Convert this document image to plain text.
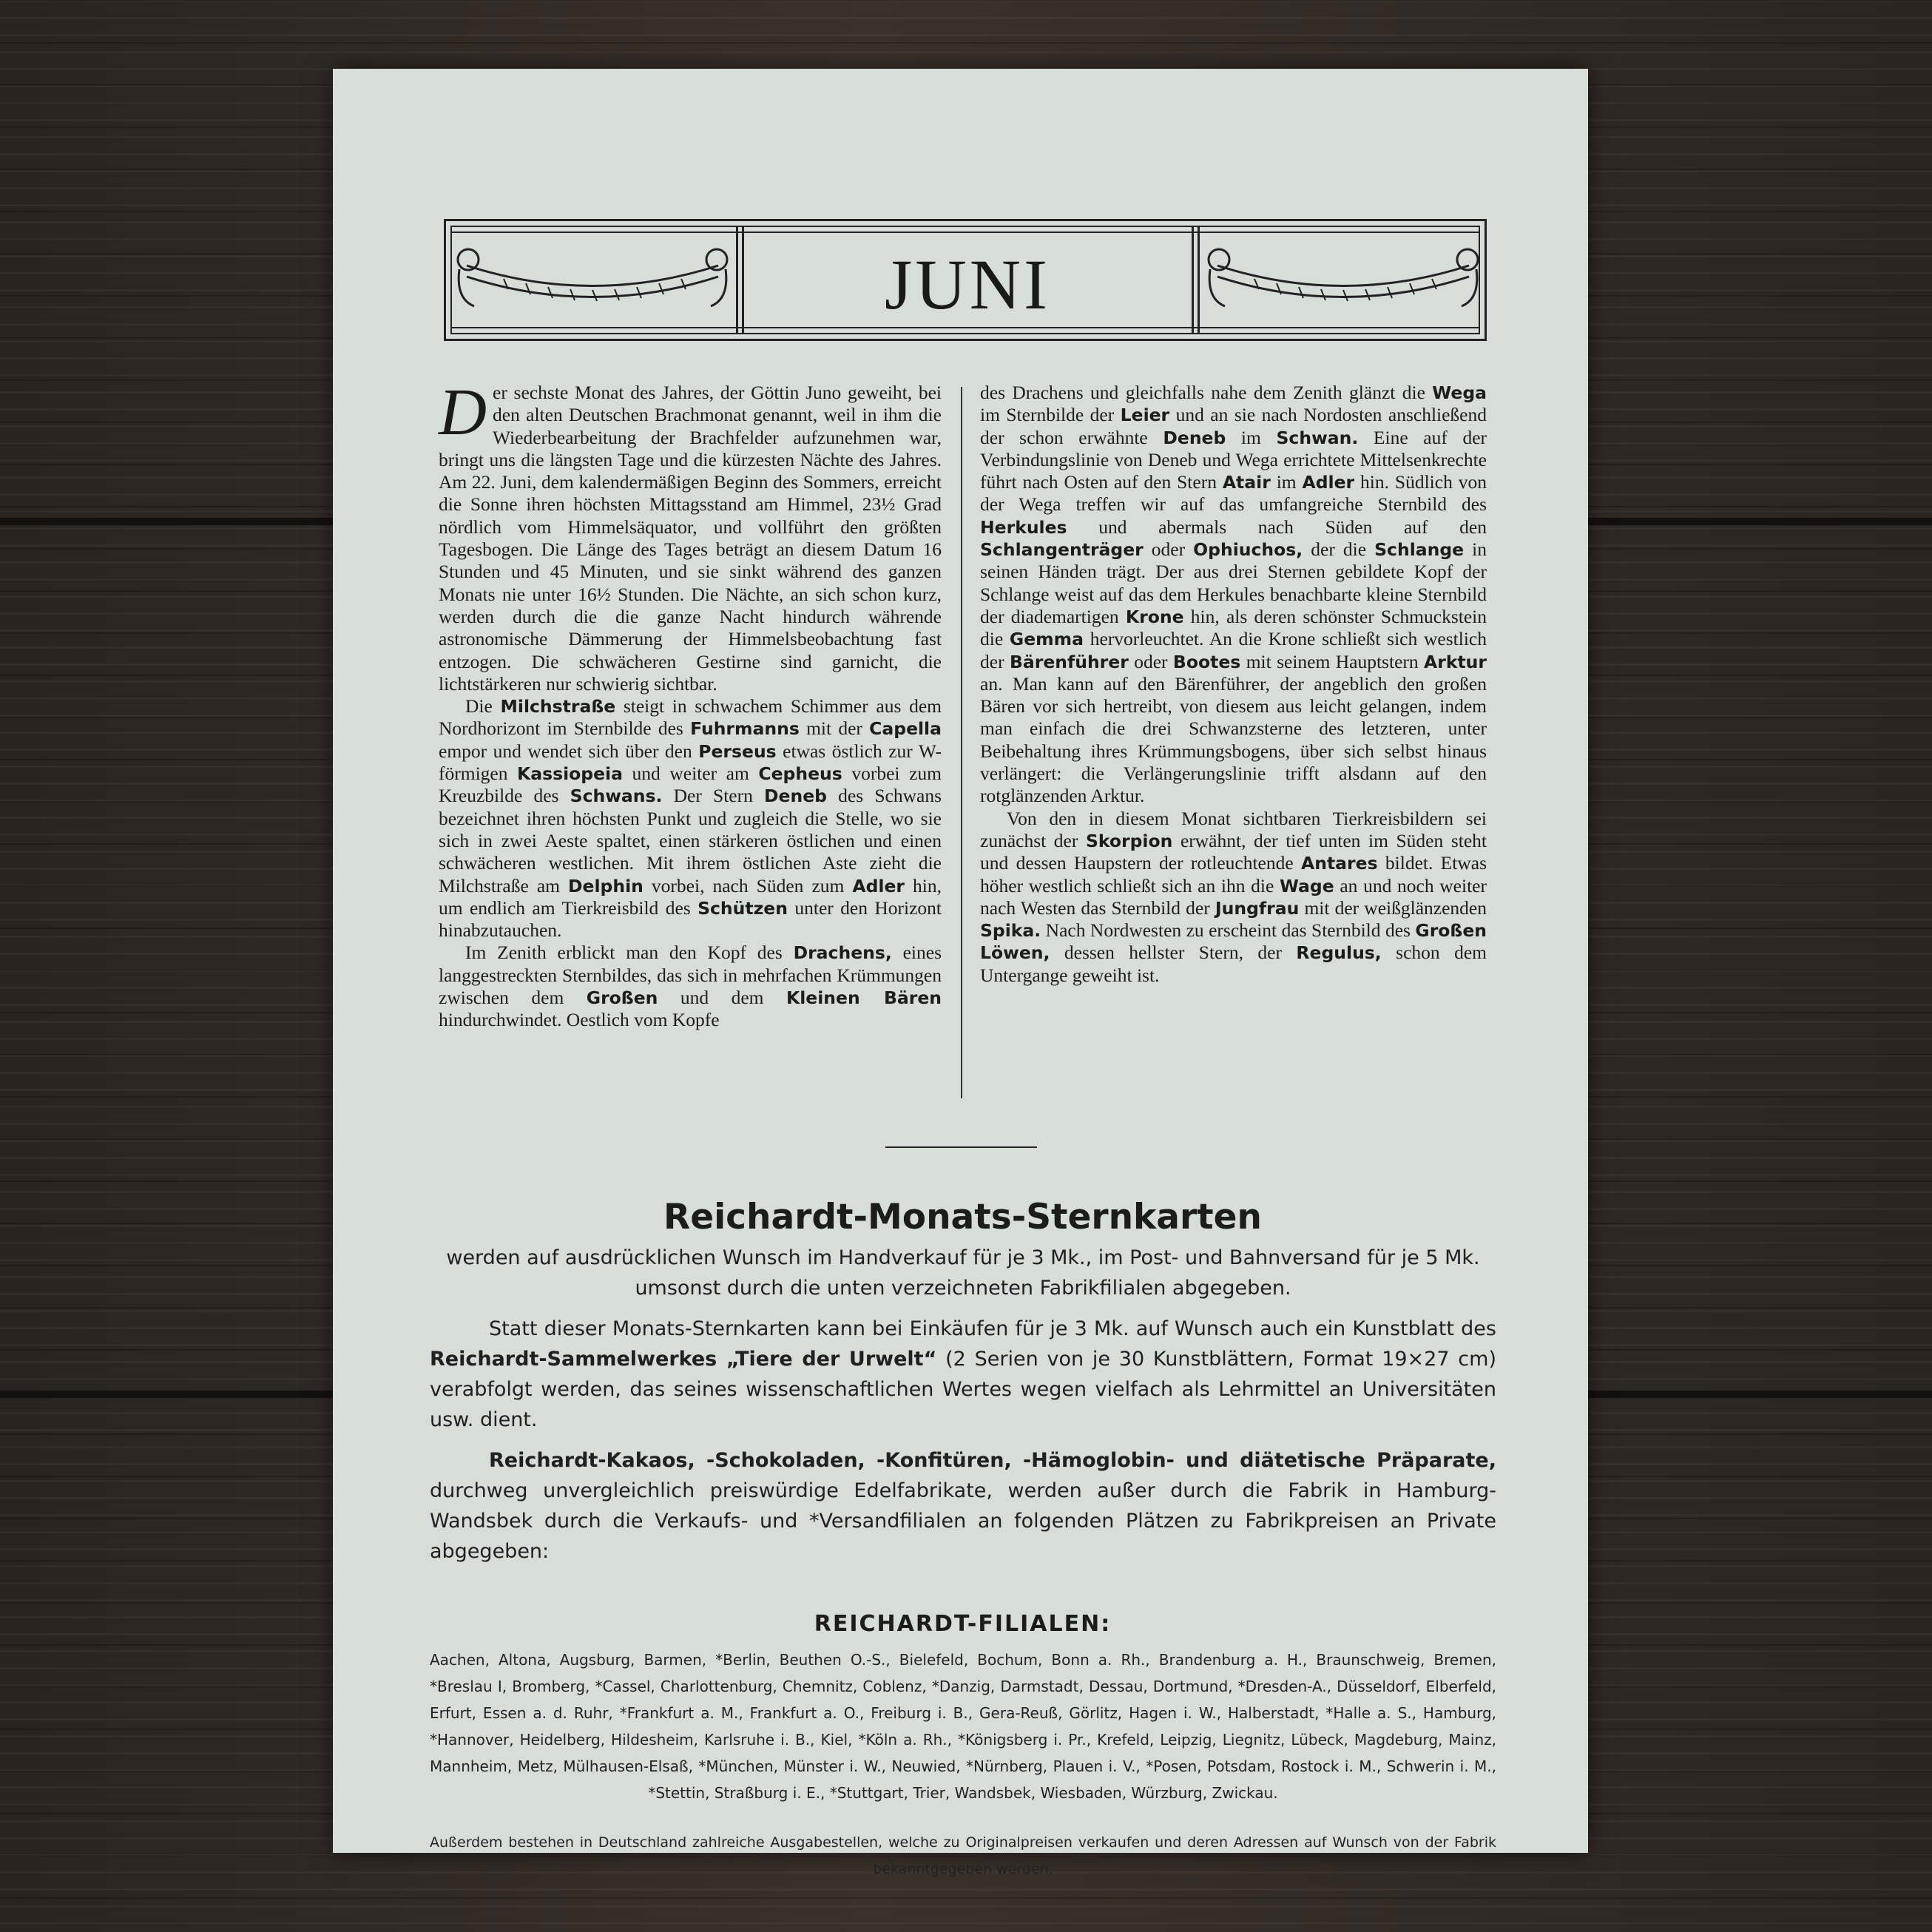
JUNI

Der sechste Monat des Jahres, der Göttin Juno geweiht, bei den alten Deutschen Brachmonat genannt, weil in ihm die Wiederbearbeitung der Brachfelder aufzunehmen war, bringt uns die längsten Tage und die kürzesten Nächte des Jahres. Am 22. Juni, dem kalendermäßigen Beginn des Sommers, erreicht die Sonne ihren höchsten Mittagsstand am Himmel, 23½ Grad nördlich vom Himmelsäquator, und vollführt den größten Tagesbogen. Die Länge des Tages beträgt an diesem Datum 16 Stunden und 45 Minuten, und sie sinkt während des ganzen Monats nie unter 16½ Stunden. Die Nächte, an sich schon kurz, werden durch die die ganze Nacht hindurch währende astronomische Dämmerung der Himmelsbeobachtung fast entzogen. Die schwächeren Gestirne sind garnicht, die lichtstärkeren nur schwierig sichtbar.

Die Milchstraße steigt in schwachem Schimmer aus dem Nordhorizont im Sternbilde des Fuhrmanns mit der Capella empor und wendet sich über den Perseus etwas östlich zur W-förmigen Kassiopeia und weiter am Cepheus vorbei zum Kreuzbilde des Schwans. Der Stern Deneb des Schwans bezeichnet ihren höchsten Punkt und zugleich die Stelle, wo sie sich in zwei Aeste spaltet, einen stärkeren östlichen und einen schwächeren westlichen. Mit ihrem östlichen Aste zieht die Milchstraße am Delphin vorbei, nach Süden zum Adler hin, um endlich am Tierkreisbild des Schützen unter den Horizont hinabzutauchen.

Im Zenith erblickt man den Kopf des Drachens, eines langgestreckten Sternbildes, das sich in mehrfachen Krümmungen zwischen dem Großen und dem Kleinen Bären hindurchwindet. Oestlich vom Kopfe

des Drachens und gleichfalls nahe dem Zenith glänzt die Wega im Sternbilde der Leier und an sie nach Nordosten anschließend der schon erwähnte Deneb im Schwan. Eine auf der Verbindungslinie von Deneb und Wega errichtete Mittelsenkrechte führt nach Osten auf den Stern Atair im Adler hin. Südlich von der Wega treffen wir auf das umfangreiche Sternbild des Herkules und abermals nach Süden auf den Schlangenträger oder Ophiuchos, der die Schlange in seinen Händen trägt. Der aus drei Sternen gebildete Kopf der Schlange weist auf das dem Herkules benachbarte kleine Sternbild der diademartigen Krone hin, als deren schönster Schmuckstein die Gemma hervorleuchtet. An die Krone schließt sich westlich der Bärenführer oder Bootes mit seinem Hauptstern Arktur an. Man kann auf den Bärenführer, der angeblich den großen Bären vor sich hertreibt, von diesem aus leicht gelangen, indem man einfach die drei Schwanzsterne des letzteren, unter Beibehaltung ihres Krümmungsbogens, über sich selbst hinaus verlängert: die Verlängerungslinie trifft alsdann auf den rotglänzenden Arktur.

Von den in diesem Monat sichtbaren Tierkreisbildern sei zunächst der Skorpion erwähnt, der tief unten im Süden steht und dessen Haupstern der rotleuchtende Antares bildet. Etwas höher westlich schließt sich an ihn die Wage an und noch weiter nach Westen das Sternbild der Jungfrau mit der weißglänzenden Spika. Nach Nordwesten zu erscheint das Sternbild des Großen Löwen, dessen hellster Stern, der Regulus, schon dem Untergange geweiht ist.

Reichardt-Monats-Sternkarten

werden auf ausdrücklichen Wunsch im Handverkauf für je 3 Mk., im Post- und Bahnversand für je 5 Mk. umsonst durch die unten verzeichneten Fabrikfilialen abgegeben.

Statt dieser Monats-Sternkarten kann bei Einkäufen für je 3 Mk. auf Wunsch auch ein Kunstblatt des Reichardt-Sammelwerkes „Tiere der Urwelt“ (2 Serien von je 30 Kunstblättern, Format 19×27 cm) verabfolgt werden, das seines wissenschaftlichen Wertes wegen vielfach als Lehrmittel an Universitäten usw. dient.

Reichardt-Kakaos, -Schokoladen, -Konfitüren, -Hämoglobin- und diätetische Präparate, durchweg unvergleichlich preiswürdige Edelfabrikate, werden außer durch die Fabrik in Hamburg-Wandsbek durch die Verkaufs- und *Versandfilialen an folgenden Plätzen zu Fabrikpreisen an Private abgegeben:

REICHARDT-FILIALEN:
Aachen, Altona, Augsburg, Barmen, *Berlin, Beuthen O.-S., Bielefeld, Bochum, Bonn a. Rh., Brandenburg a. H., Braunschweig, Bremen, *Breslau I, Bromberg, *Cassel, Charlottenburg, Chemnitz, Coblenz, *Danzig, Darmstadt, Dessau, Dortmund, *Dresden-A., Düsseldorf, Elberfeld, Erfurt, Essen a. d. Ruhr, *Frankfurt a. M., Frankfurt a. O., Freiburg i. B., Gera-Reuß, Görlitz, Hagen i. W., Halberstadt, *Halle a. S., Hamburg, *Hannover, Heidelberg, Hildesheim, Karlsruhe i. B., Kiel, *Köln a. Rh., *Königsberg i. Pr., Krefeld, Leipzig, Liegnitz, Lübeck, Magdeburg, Mainz, Mannheim, Metz, Mülhausen-Elsaß, *München, Münster i. W., Neuwied, *Nürnberg, Plauen i. V., *Posen, Potsdam, Rostock i. M., Schwerin i. M., *Stettin, Straßburg i. E., *Stuttgart, Trier, Wandsbek, Wiesbaden, Würzburg, Zwickau.
Außerdem bestehen in Deutschland zahlreiche Ausgabestellen, welche zu Originalpreisen verkaufen und deren Adressen auf Wunsch von der Fabrik bekanntgegeben werden.
